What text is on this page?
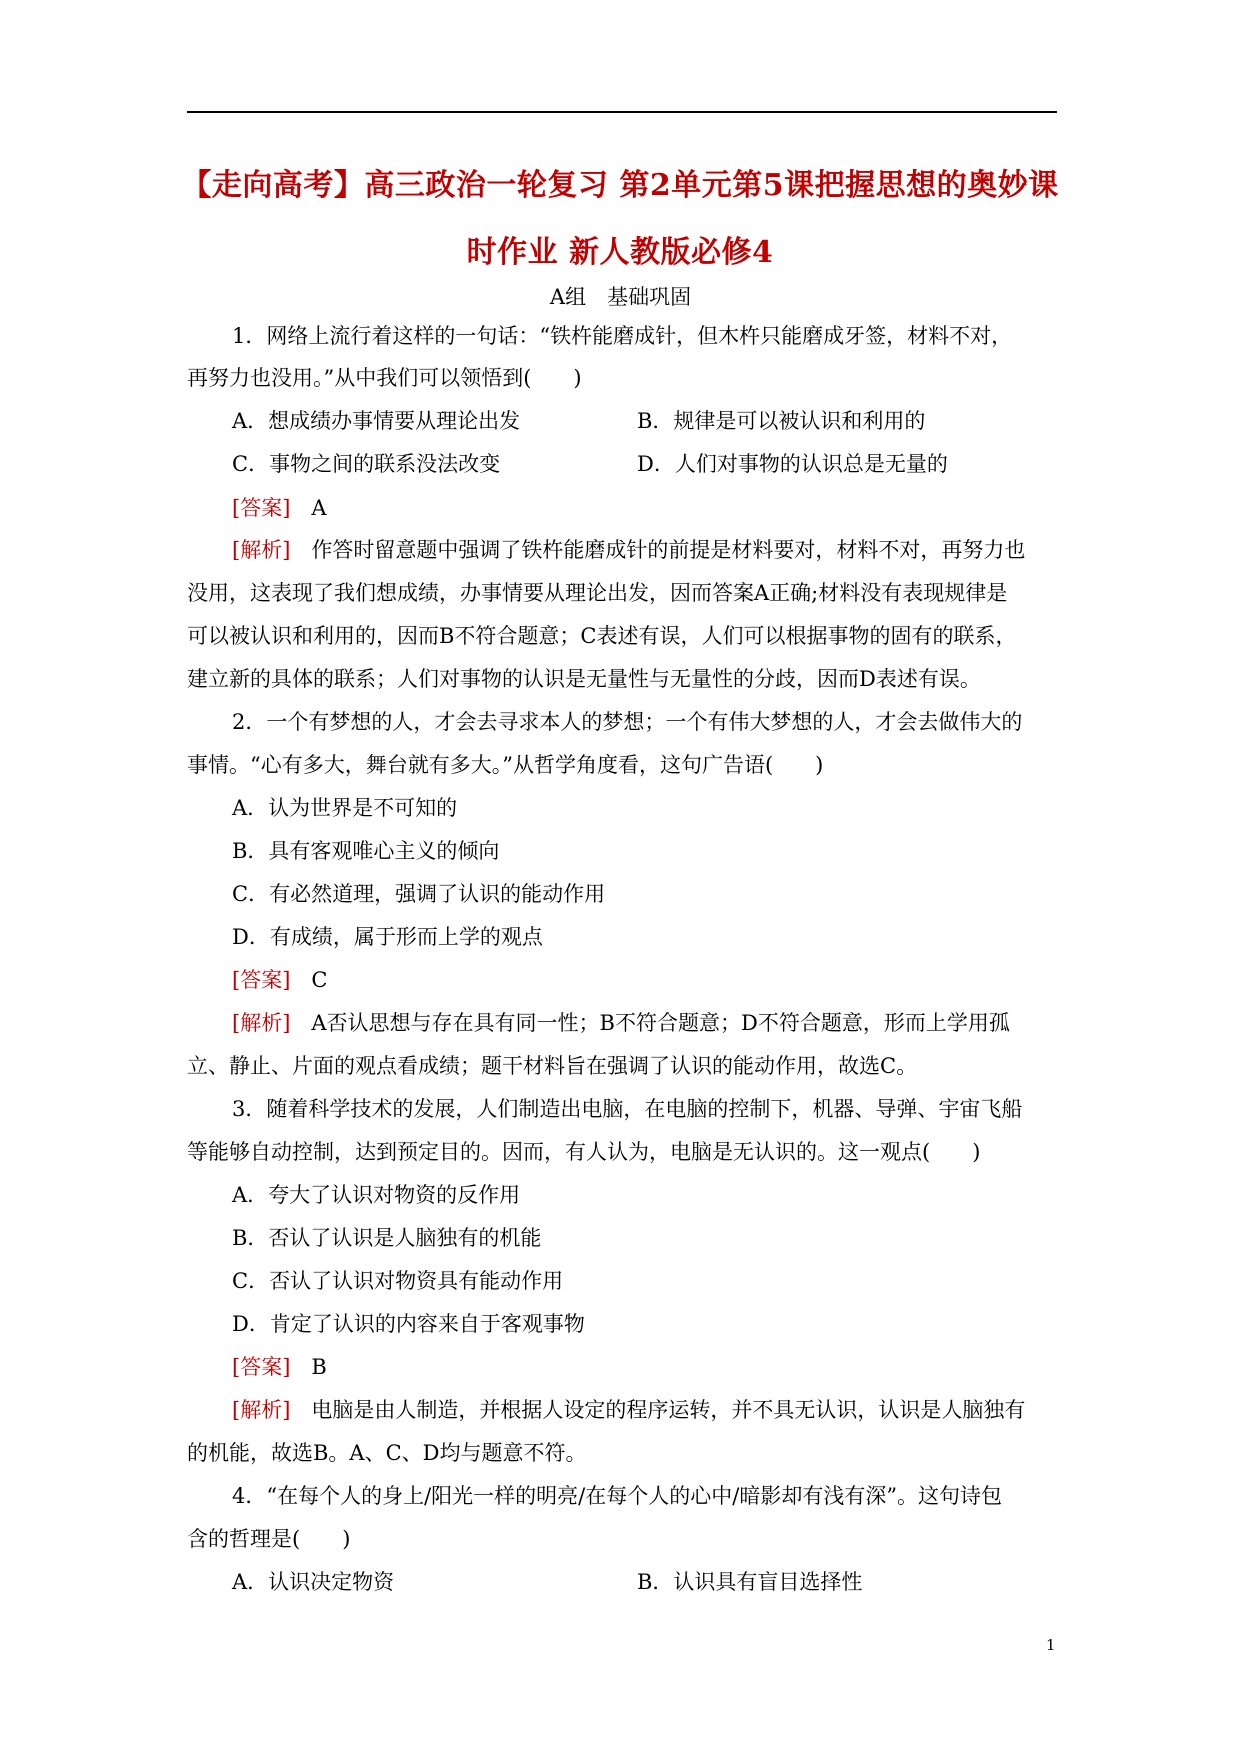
【走向高考】高三政治一轮复习 第2单元第5课把握思想的奥妙课
时作业 新人教版必修4
A组　基础巩固
1．网络上流行着这样的一句话：“铁杵能磨成针，但木杵只能磨成牙签，材料不对，
再努力也没用。”从中我们可以领悟到(　　)
A．想成绩办事情要从理论出发	B．规律是可以被认识和利用的
C．事物之间的联系没法改变	D．人们对事物的认识总是无量的
[答案]　 A
[解析]　 作答时留意题中强调了铁杵能磨成针的前提是材料要对，材料不对，再努力也
没用，这表现了我们想成绩，办事情要从理论出发，因而答案A正确;材料没有表现规律是
可以被认识和利用的，因而B不符合题意；C表述有误，人们可以根据事物的固有的联系，
建立新的具体的联系；人们对事物的认识是无量性与无量性的分歧，因而D表述有误。
2．一个有梦想的人，才会去寻求本人的梦想；一个有伟大梦想的人，才会去做伟大的
事情。“心有多大，舞台就有多大。”从哲学角度看，这句广告语(　　)
A．认为世界是不可知的
B．具有客观唯心主义的倾向
C．有必然道理，强调了认识的能动作用
D．有成绩，属于形而上学的观点
[答案]　 C
[解析]　 A否认思想与存在具有同一性；B不符合题意；D不符合题意，形而上学用孤
立、静止、片面的观点看成绩；题干材料旨在强调了认识的能动作用，故选C。
3．随着科学技术的发展，人们制造出电脑，在电脑的控制下，机器、导弹、宇宙飞船
等能够自动控制，达到预定目的。因而，有人认为，电脑是无认识的。这一观点(　　)
A．夸大了认识对物资的反作用
B．否认了认识是人脑独有的机能
C．否认了认识对物资具有能动作用
D．肯定了认识的内容来自于客观事物
[答案]　 B
[解析]　 电脑是由人制造，并根据人设定的程序运转，并不具无认识，认识是人脑独有
的机能，故选B。A、C、D均与题意不符。
4．“在每个人的身上/阳光一样的明亮/在每个人的心中/暗影却有浅有深”。这句诗包
含的哲理是(　　)
A．认识决定物资	B．认识具有盲目选择性
1
